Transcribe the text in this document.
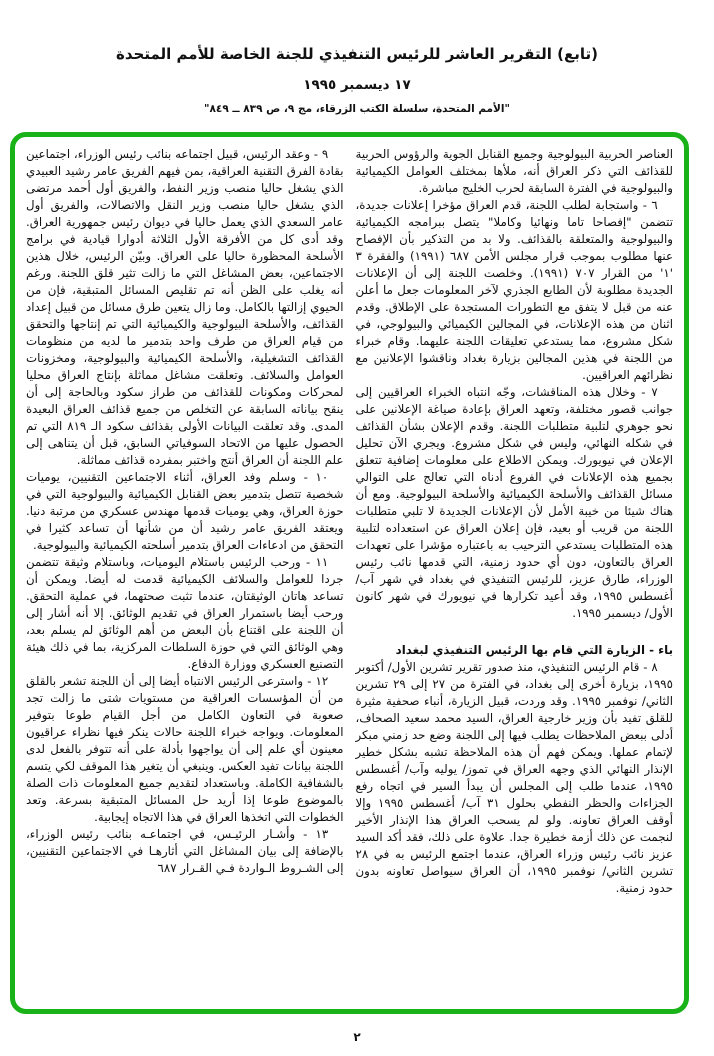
(تابع) التقرير العاشر للرئيس التنفيذي للجنة الخاصة للأمم المتحدة
١٧ ديسمبر ١٩٩٥
"الأمم المتحدة، سلسلة الكتب الزرقاء، مج ٩، ص ٨٣٩ ــ ٨٤٩"

العناصر الحربية البيولوجية وجميع القنابل الجوية والرؤوس الحربية للقذائف التي ذكر العراق أنه، ملأها بمختلف العوامل الكيميائية والبيولوجية في الفترة السابقة لحرب الخليج مباشرة.

٦ - واستجابة لطلب اللجنة، قدم العراق مؤخرا إعلانات جديدة، تتضمن "إفصاحا تاما ونهائيا وكاملا" يتصل ببرامجه الكيميائية والبيولوجية والمتعلقة بالقذائف. ولا بد من التذكير بأن الإفصاح عنها مطلوب بموجب قرار مجلس الأمن ٦٨٧ (١٩٩١) والفقرة ٣ '١' من القرار ٧٠٧ (١٩٩١). وخلصت اللجنة إلى أن الإعلانات الجديدة مطلوبة لأن الطابع الجذري لآخر المعلومات جعل ما أعلن عنه من قبل لا يتفق مع التطورات المستجدة على الإطلاق. وقدم اثنان من هذه الإعلانات، في المجالين الكيميائي والبيولوجي، في شكل مشروع، مما يستدعي تعليقات اللجنة عليهما. وقام خبراء من اللجنة في هذين المجالين بزيارة بغداد وناقشوا الإعلانين مع نظرائهم العراقيين.

٧ - وخلال هذه المناقشات، وجّه انتباه الخبراء العراقيين إلى جوانب قصور مختلفة، وتعهد العراق بإعادة صياغة الإعلانين على نحو جوهري لتلبية متطلبات اللجنة. وقدم الإعلان بشأن القذائف في شكله النهائي، وليس في شكل مشروع. ويجري الآن تحليل الإعلان في نيويورك. ويمكن الاطلاع على معلومات إضافية تتعلق بجميع هذه الإعلانات في الفروع أدناه التي تعالج على التوالي مسائل القذائف والأسلحة الكيميائية والأسلحة البيولوجية. ومع أن هناك شيئا من خيبة الأمل لأن الإعلانات الجديدة لا تلبي متطلبات اللجنة من قريب أو بعيد، فإن إعلان العراق عن استعداده لتلبية هذه المتطلبات يستدعي الترحيب به باعتباره مؤشرا على تعهدات العراق بالتعاون، دون أي حدود زمنية، التي قدمها نائب رئيس الوزراء، طارق عزيز، للرئيس التنفيذي في بغداد في شهر آب/ أغسطس ١٩٩٥، وقد أعيد تكرارها في نيويورك في شهر كانون الأول/ ديسمبر ١٩٩٥.

باء - الزيارة التي قام بها الرئيس التنفيذي لبغداد

٨ - قام الرئيس التنفيذي، منذ صدور تقرير تشرين الأول/ أكتوبر ١٩٩٥، بزيارة أخرى إلى بغداد، في الفترة من ٢٧ إلى ٢٩ تشرين الثاني/ نوفمبر ١٩٩٥. وقد وردت، قبيل الزيارة، أنباء صحفية مثيرة للقلق تفيد بأن وزير خارجية العراق، السيد محمد سعيد الصحاف، أدلى ببعض الملاحظات يطلب فيها إلى اللجنة وضع حد زمني مبكر لإتمام عملها. ويمكن فهم أن هذه الملاحظة تشبه بشكل خطير الإنذار النهائي الذي وجهه العراق في تموز/ يوليه وآب/ أغسطس ١٩٩٥، عندما طلب إلى المجلس أن يبدأ السير في اتجاه رفع الجزاءات والحظر النفطي بحلول ٣١ آب/ أغسطس ١٩٩٥ وإلا أوقف العراق تعاونه. ولو لم يسحب العراق هذا الإنذار الأخير لنجمت عن ذلك أزمة خطيرة جدا. علاوة على ذلك، فقد أكد السيد عزيز نائب رئيس وزراء العراق، عندما اجتمع الرئيس به في ٢٨ تشرين الثاني/ نوفمبر ١٩٩٥، أن العراق سيواصل تعاونه بدون حدود زمنية.

٩ - وعقد الرئيس، قبيل اجتماعه بنائب رئيس الوزراء، اجتماعين بقادة الفرق التقنية العراقية، بمن فيهم الفريق عامر رشيد العبيدي الذي يشغل حاليا منصب وزير النفط، والفريق أول أحمد مرتضى الذي يشغل حاليا منصب وزير النقل والاتصالات، والفريق أول عامر السعدي الذي يعمل حاليا في ديوان رئيس جمهورية العراق. وقد أدى كل من الأفرقة الأول الثلاثة أدوارا قيادية في برامج الأسلحة المحظورة حاليا على العراق. وبيّن الرئيس، خلال هذين الاجتماعين، بعض المشاغل التي ما زالت تثير قلق اللجنة. ورغم أنه يغلب على الظن أنه تم تقليص المسائل المتبقية، فإن من الحيوي إزالتها بالكامل. وما زال يتعين طرق مسائل من قبيل إعداد القذائف، والأسلحة البيولوجية والكيميائية التي تم إنتاجها والتحقق من قيام العراق من طرف واحد بتدمير ما لديه من منظومات القذائف التشغيلية، والأسلحة الكيميائية والبيولوجية، ومخزونات العوامل والسلائف. وتعلقت مشاغل مماثلة بإنتاج العراق محليا لمحركات ومكونات للقذائف من طراز سكود وبالحاجة إلى أن ينقح بياناته السابقة عن التخلص من جميع قذائف العراق البعيدة المدى. وقد تعلقت البيانات الأولى بقذائف سكود الـ ٨١٩ التي تم الحصول عليها من الاتحاد السوفياتي السابق، قبل أن يتناهى إلى علم اللجنة أن العراق أنتج واختبر بمفرده قذائف مماثلة.

١٠ - وسلم وفد العراق، أثناء الاجتماعين التقنيين، يوميات شخصية تتصل بتدمير بعض القنابل الكيميائية والبيولوجية التي في حوزة العراق، وهي يوميات قدمها مهندس عسكري من مرتبة دنيا. ويعتقد الفريق عامر رشيد أن من شأنها أن تساعد كثيرا في التحقق من ادعاءات العراق بتدمير أسلحته الكيميائية والبيولوجية.

١١ - ورحب الرئيس باستلام اليوميات، وباستلام وثيقة تتضمن جردا للعوامل والسلائف الكيميائية قدمت له أيضا. ويمكن أن تساعد هاتان الوثيقتان، عندما تثبت صحتهما، في عملية التحقق. ورحب أيضا باستمرار العراق في تقديم الوثائق. إلا أنه أشار إلى أن اللجنة على اقتناع بأن البعض من أهم الوثائق لم يسلم بعد، وهي الوثائق التي في حوزة السلطات المركزية، بما في ذلك هيئة التصنيع العسكري ووزارة الدفاع.

١٢ - واسترعى الرئيس الانتباه أيضا إلى أن اللجنة تشعر بالقلق من أن المؤسسات العراقية من مستويات شتى ما زالت تجد صعوبة في التعاون الكامل من أجل القيام طوعا بتوفير المعلومات. ويواجه خبراء اللجنة حالات ينكر فيها نظراء عراقيون معينون أي علم إلى أن يواجهوا بأدلة على أنه تتوفر بالفعل لدى اللجنة بيانات تفيد العكس. وينبغي أن يتغير هذا الموقف لكي يتسم بالشفافية الكاملة. وباستعداد لتقديم جميع المعلومات ذات الصلة بالموضوع طوعا إذا أريد حل المسائل المتبقية بسرعة. وتعد الخطوات التي اتخذها العراق في هذا الاتجاه إيجابية.

١٣ - وأشـار الرئيـس، في اجتماعـه بنائب رئيس الوزراء، بالإضافة إلى بيان المشاغل التي أثارهـا في الاجتماعين التقنيين، إلى الشـروط الـواردة فـي القـرار ٦٨٧

٢
